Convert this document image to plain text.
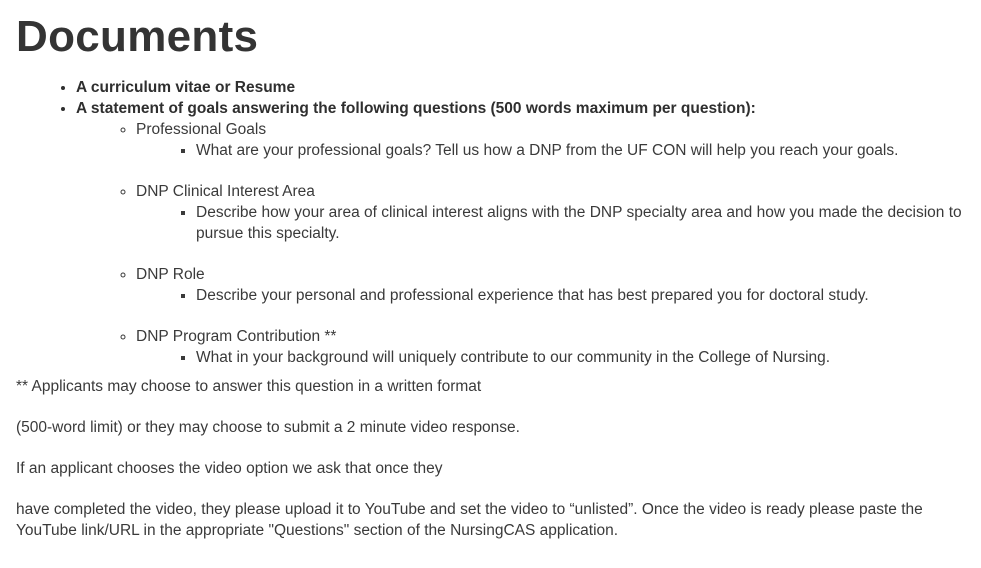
Documents
• A curriculum vitae or Resume
• A statement of goals answering the following questions (500 words maximum per question):
◦ Professional Goals
▪ What are your professional goals? Tell us how a DNP from the UF CON will help you reach your goals.
◦ DNP Clinical Interest Area
▪ Describe how your area of clinical interest aligns with the DNP specialty area and how you made the decision to pursue this specialty.
◦ DNP Role
▪ Describe your personal and professional experience that has best prepared you for doctoral study.
◦ DNP Program Contribution **
▪ What in your background will uniquely contribute to our community in the College of Nursing.

** Applicants may choose to answer this question in a written format

(500-word limit) or they may choose to submit a 2 minute video response.

If an applicant chooses the video option we ask that once they

have completed the video, they please upload it to YouTube and set the video to “unlisted”. Once the video is ready please paste the YouTube link/URL in the appropriate "Questions" section of the NursingCAS application.
